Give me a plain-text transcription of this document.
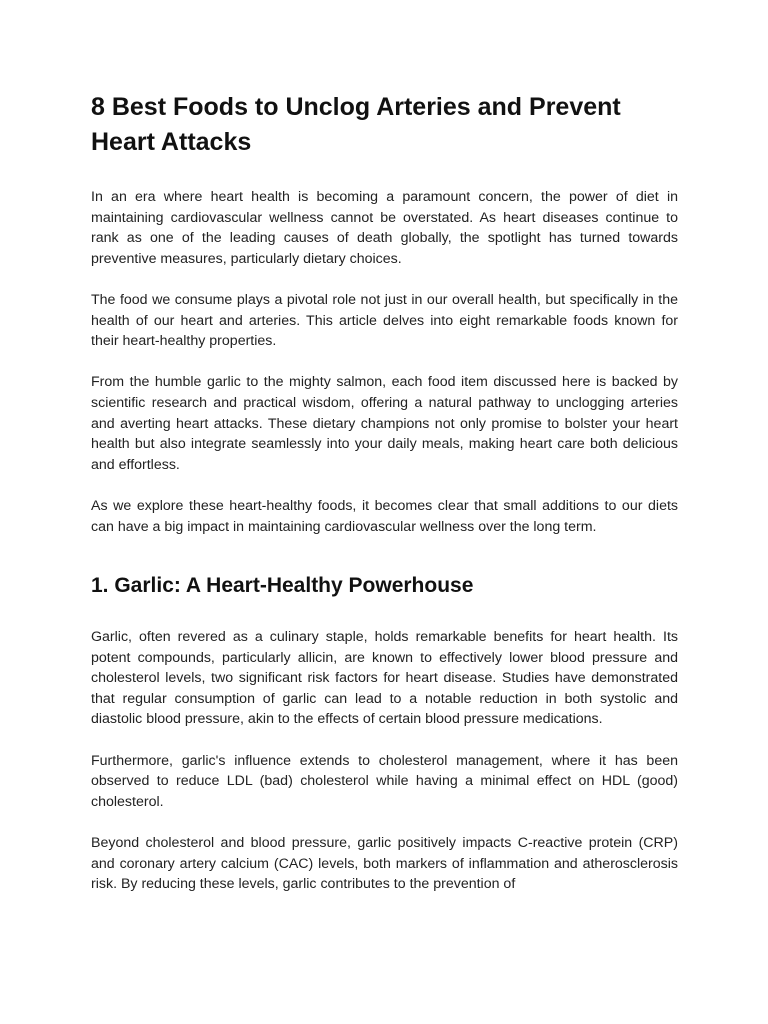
8 Best Foods to Unclog Arteries and Prevent Heart Attacks

In an era where heart health is becoming a paramount concern, the power of diet in maintaining cardiovascular wellness cannot be overstated. As heart diseases continue to rank as one of the leading causes of death globally, the spotlight has turned towards preventive measures, particularly dietary choices.

The food we consume plays a pivotal role not just in our overall health, but specifically in the health of our heart and arteries. This article delves into eight remarkable foods known for their heart-healthy properties.

From the humble garlic to the mighty salmon, each food item discussed here is backed by scientific research and practical wisdom, offering a natural pathway to unclogging arteries and averting heart attacks. These dietary champions not only promise to bolster your heart health but also integrate seamlessly into your daily meals, making heart care both delicious and effortless.

As we explore these heart-healthy foods, it becomes clear that small additions to our diets can have a big impact in maintaining cardiovascular wellness over the long term.

1. Garlic: A Heart-Healthy Powerhouse

Garlic, often revered as a culinary staple, holds remarkable benefits for heart health. Its potent compounds, particularly allicin, are known to effectively lower blood pressure and cholesterol levels, two significant risk factors for heart disease. Studies have demonstrated that regular consumption of garlic can lead to a notable reduction in both systolic and diastolic blood pressure, akin to the effects of certain blood pressure medications.

Furthermore, garlic's influence extends to cholesterol management, where it has been observed to reduce LDL (bad) cholesterol while having a minimal effect on HDL (good) cholesterol.

Beyond cholesterol and blood pressure, garlic positively impacts C-reactive protein (CRP) and coronary artery calcium (CAC) levels, both markers of inflammation and atherosclerosis risk. By reducing these levels, garlic contributes to the prevention of
